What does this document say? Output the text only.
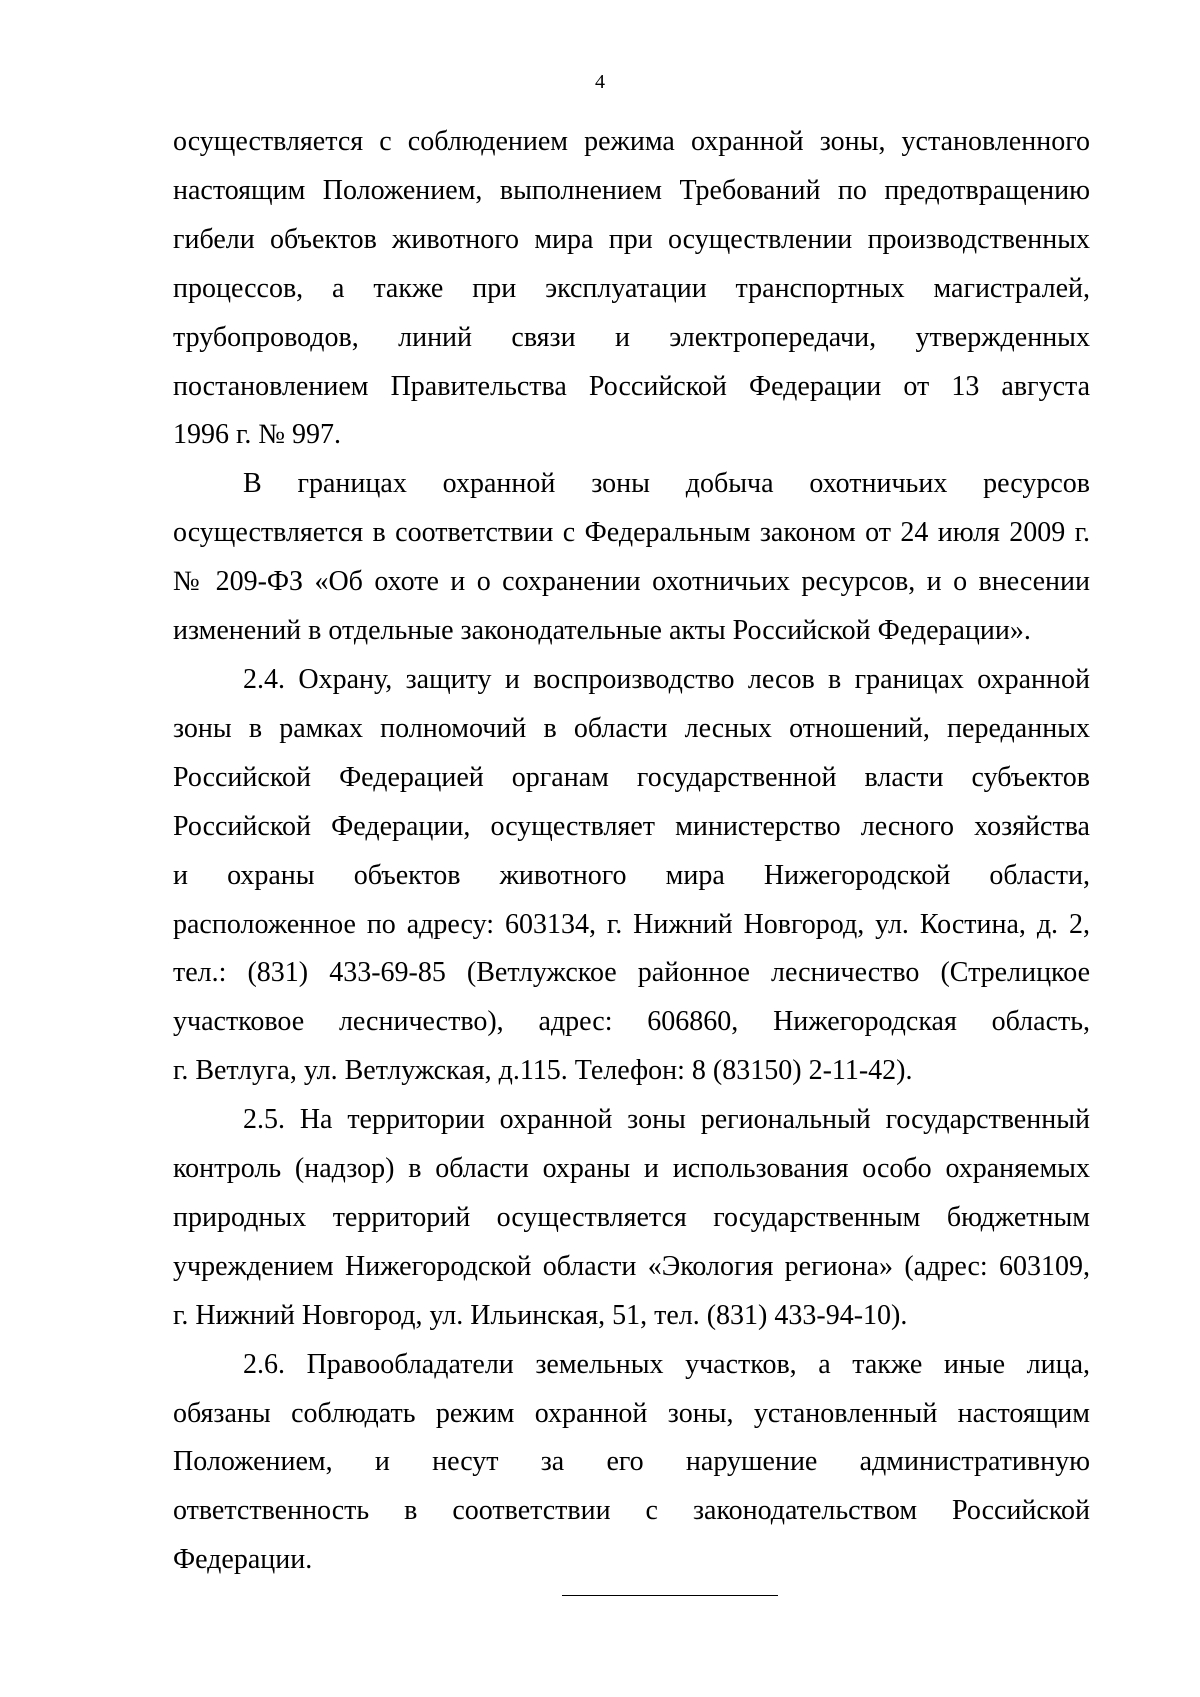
4

осуществляется с соблюдением режима охранной зоны, установленного

настоящим Положением, выполнением Требований по предотвращению

гибели объектов животного мира при осуществлении производственных

процессов, а также при эксплуатации транспортных магистралей,

трубопроводов, линий связи и электропередачи, утвержденных

постановлением Правительства Российской Федерации от 13 августа

1996 г. № 997.

В границах охранной зоны добыча охотничьих ресурсов

осуществляется в соответствии с Федеральным законом от 24 июля 2009 г.

№ 209-ФЗ «Об охоте и о сохранении охотничьих ресурсов, и о внесении

изменений в отдельные законодательные акты Российской Федерации».

2.4. Охрану, защиту и воспроизводство лесов в границах охранной

зоны в рамках полномочий в области лесных отношений, переданных

Российской Федерацией органам государственной власти субъектов

Российской Федерации, осуществляет министерство лесного хозяйства

и охраны объектов животного мира Нижегородской области,

расположенное по адресу: 603134, г. Нижний Новгород, ул. Костина, д. 2,

тел.: (831) 433-69-85 (Ветлужское районное лесничество (Стрелицкое

участковое лесничество), адрес: 606860, Нижегородская область,

г. Ветлуга, ул. Ветлужская, д.115. Телефон: 8 (83150) 2-11-42).

2.5. На территории охранной зоны региональный государственный

контроль (надзор) в области охраны и использования особо охраняемых

природных территорий осуществляется государственным бюджетным

учреждением Нижегородской области «Экология региона» (адрес: 603109,

г. Нижний Новгород, ул. Ильинская, 51, тел. (831) 433-94-10).

2.6. Правообладатели земельных участков, а также иные лица,

обязаны соблюдать режим охранной зоны, установленный настоящим

Положением, и несут за его нарушение административную

ответственность в соответствии с законодательством Российской

Федерации.
